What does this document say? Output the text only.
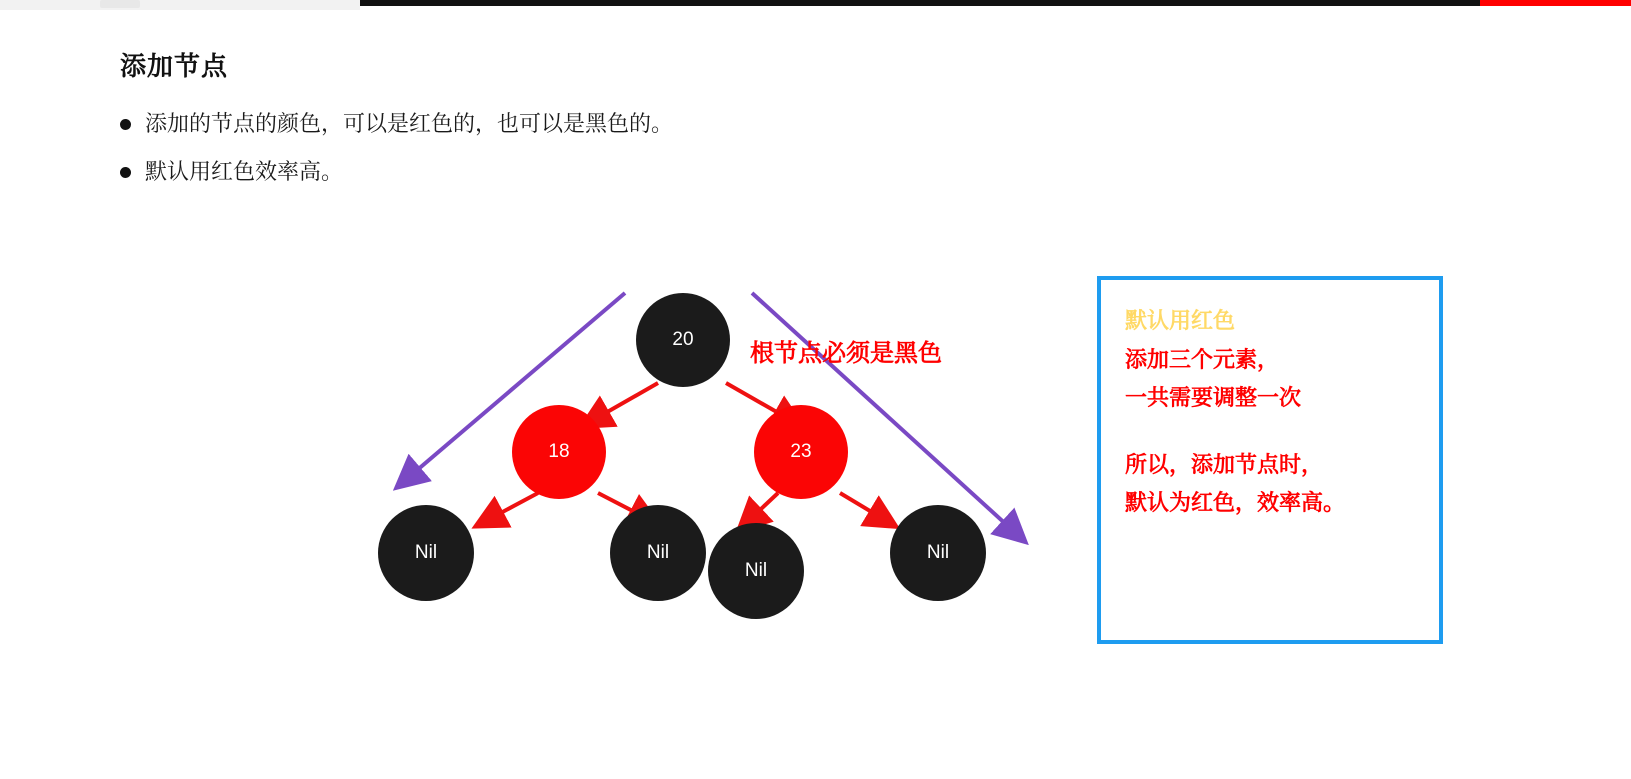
添加节点
添加的节点的颜色，可以是红色的，也可以是黑色的。
默认用红色效率高。
20
18	23
Nil	Nil
Nil
Nil
根节点必须是黑色
默认用红色
添加三个元素，
一共需要调整一次
所以，添加节点时，
默认为红色，效率高。
